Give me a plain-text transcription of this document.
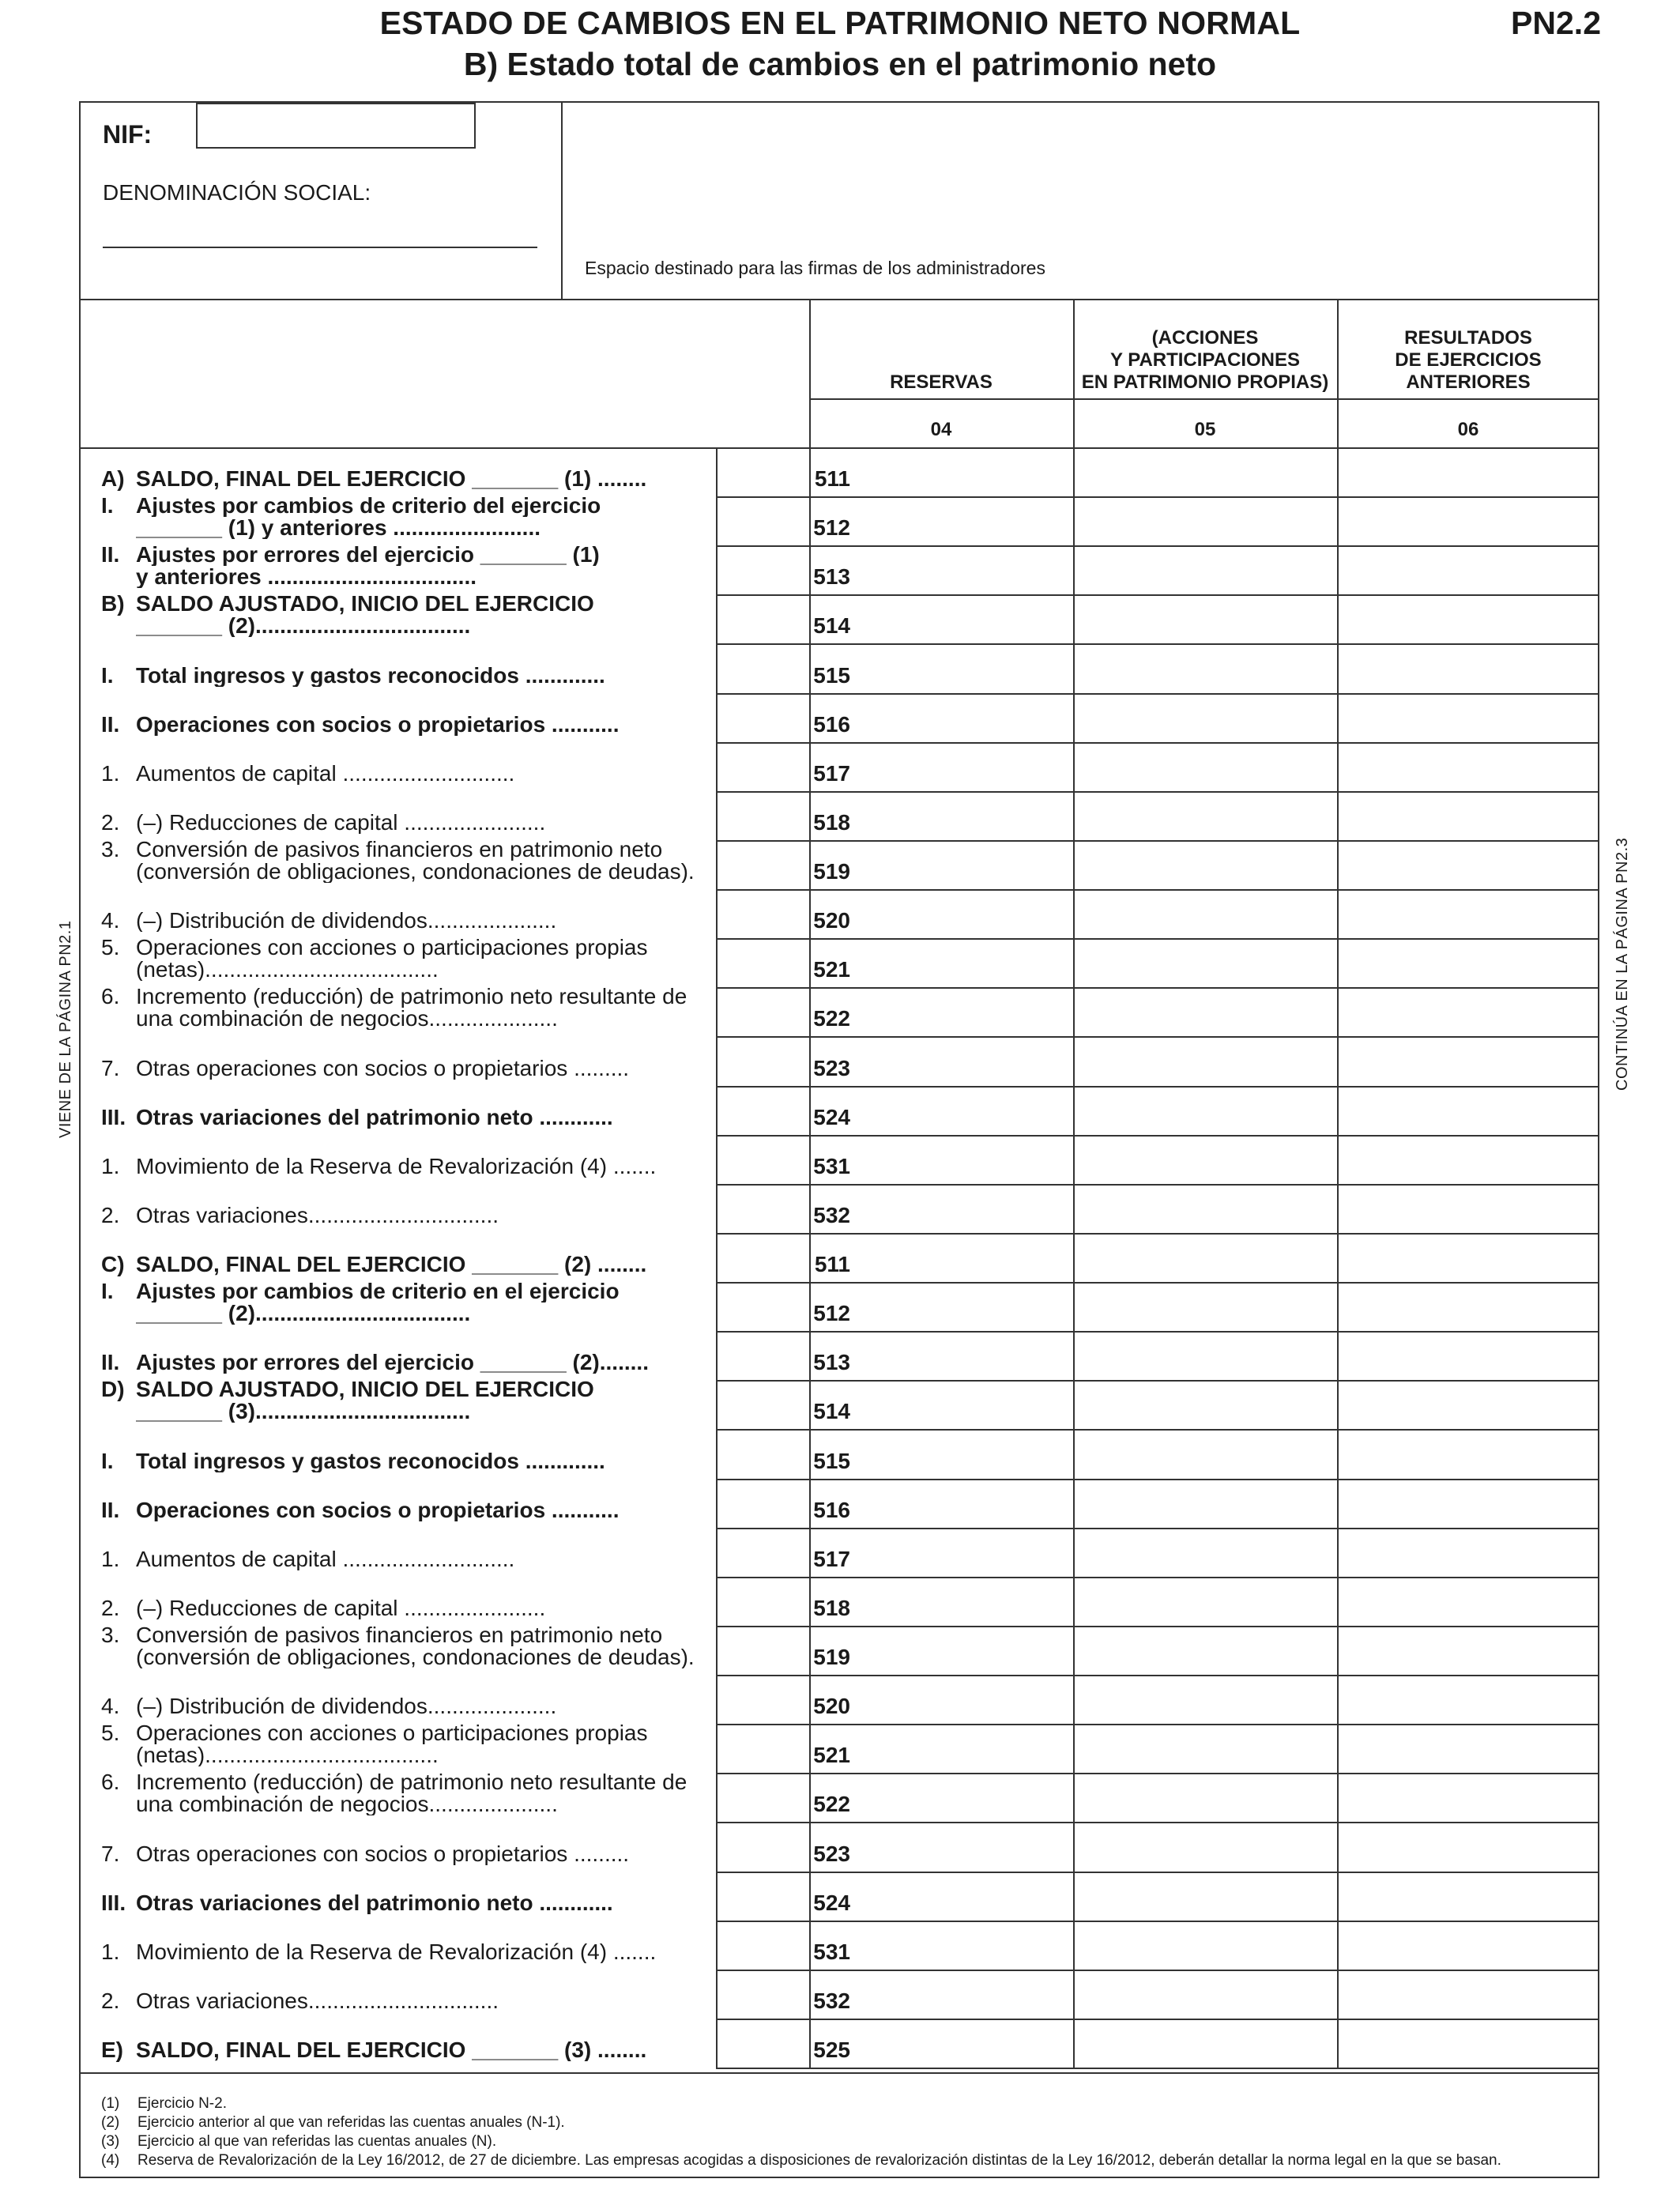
ESTADO DE CAMBIOS EN EL PATRIMONIO NETO NORMAL
B) Estado total de cambios en el patrimonio neto
PN2.2
NIF:
DENOMINACIÓN SOCIAL:
Espacio destinado para las firmas de los administradores
RESERVAS
04
(ACCIONES
Y PARTICIPACIONES
EN PATRIMONIO PROPIAS)
05
RESULTADOS
DE EJERCICIOS
ANTERIORES
06
A) SALDO, FINAL DEL EJERCICIO _______ (1) ........	511
I.	Ajustes por cambios de criterio del ejercicio
_______ (1) y anteriores ........................	512
II. Ajustes por errores del ejercicio _______ (1)
y anteriores ..................................	513
B) SALDO AJUSTADO, INICIO DEL EJERCICIO
_______ (2)...................................	514
I.	Total ingresos y gastos reconocidos .............	515
II. Operaciones con socios o propietarios ...........	516
1. Aumentos de capital ............................	517
2. (–) Reducciones de capital .......................	518
3. Conversión de pasivos financieros en patrimonio neto
(conversión de obligaciones, condonaciones de deudas).	519
4. (–) Distribución de dividendos.....................	520
5. Operaciones con acciones o participaciones propias
(netas)......................................	521
6. Incremento (reducción) de patrimonio neto resultante de
una combinación de negocios.....................	522
7. Otras operaciones con socios o propietarios .........	523
III. Otras variaciones del patrimonio neto ............	524
1. Movimiento de la Reserva de Revalorización (4) .......	531
2. Otras variaciones...............................	532
C) SALDO, FINAL DEL EJERCICIO _______ (2) ........	511
I.	Ajustes por cambios de criterio en el ejercicio
_______ (2)...................................	512
II. Ajustes por errores del ejercicio _______ (2)........	513
D) SALDO AJUSTADO, INICIO DEL EJERCICIO
_______ (3)...................................	514
I.	Total ingresos y gastos reconocidos .............	515
II. Operaciones con socios o propietarios ...........	516
1. Aumentos de capital ............................	517
2. (–) Reducciones de capital .......................	518
3. Conversión de pasivos financieros en patrimonio neto
(conversión de obligaciones, condonaciones de deudas).	519
4. (–) Distribución de dividendos.....................	520
5. Operaciones con acciones o participaciones propias
(netas)......................................	521
6. Incremento (reducción) de patrimonio neto resultante de
una combinación de negocios.....................	522
7. Otras operaciones con socios o propietarios .........	523
III. Otras variaciones del patrimonio neto ............	524
1. Movimiento de la Reserva de Revalorización (4) .......	531
2. Otras variaciones...............................	532
E) SALDO, FINAL DEL EJERCICIO _______ (3) ........	525
VIENE DE LA PÁGINA PN2.1	CONTINÚA EN LA PÁGINA PN2.3
(1)	Ejercicio N-2.
(2)	Ejercicio anterior al que van referidas las cuentas anuales (N-1).
(3)	Ejercicio al que van referidas las cuentas anuales (N).
(4)	Reserva de Revalorización de la Ley 16/2012, de 27 de diciembre. Las empresas acogidas a disposiciones de revalorización distintas de la Ley 16/2012, deberán detallar la norma legal en la que se basan.
